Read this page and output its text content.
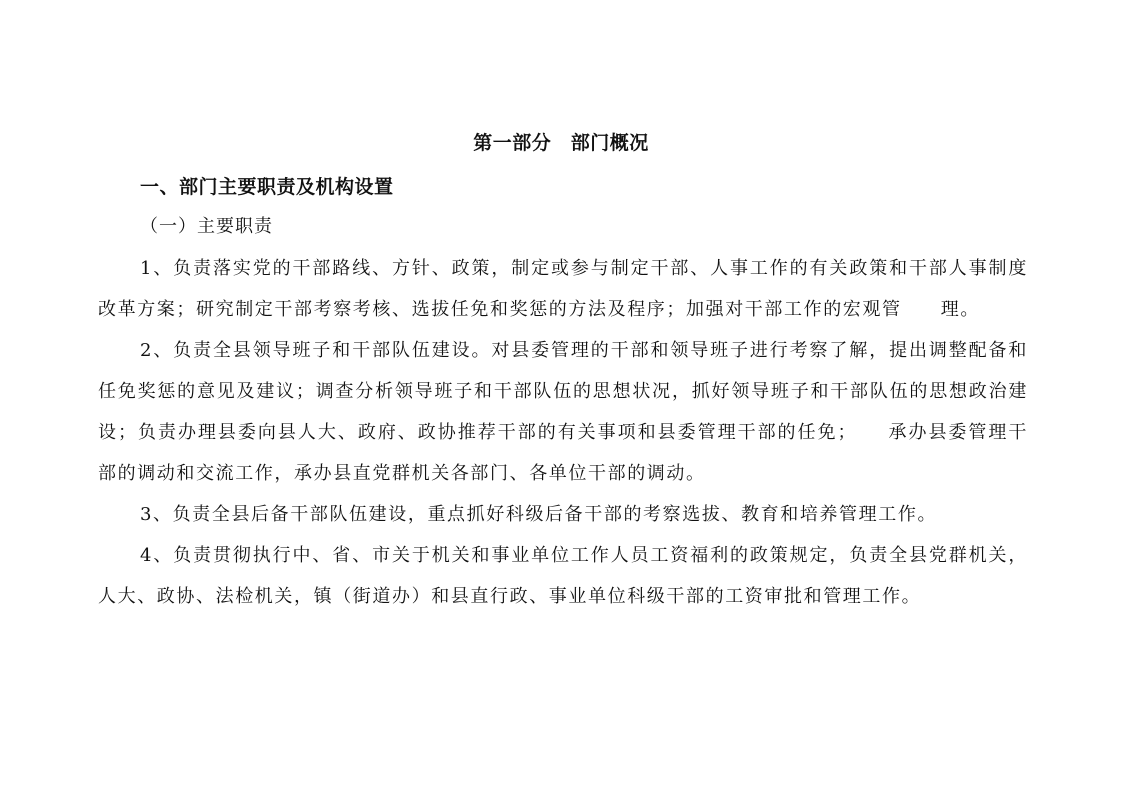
第一部分　部门概况
一、部门主要职责及机构设置
（一）主要职责

1、负责落实党的干部路线、方针、政策，制定或参与制定干部、人事工作的有关政策和干部人事制度改革方案；研究制定干部考察考核、选拔任免和奖惩的方法及程序；加强对干部工作的宏观管　　理。

2、负责全县领导班子和干部队伍建设。对县委管理的干部和领导班子进行考察了解，提出调整配备和任免奖惩的意见及建议；调查分析领导班子和干部队伍的思想状况，抓好领导班子和干部队伍的思想政治建设；负责办理县委向县人大、政府、政协推荐干部的有关事项和县委管理干部的任免；　　承办县委管理干部的调动和交流工作，承办县直党群机关各部门、各单位干部的调动。

3、负责全县后备干部队伍建设，重点抓好科级后备干部的考察选拔、教育和培养管理工作。

4、负责贯彻执行中、省、市关于机关和事业单位工作人员工资福利的政策规定，负责全县党群机关，人大、政协、法检机关，镇（街道办）和县直行政、事业单位科级干部的工资审批和管理工作。
